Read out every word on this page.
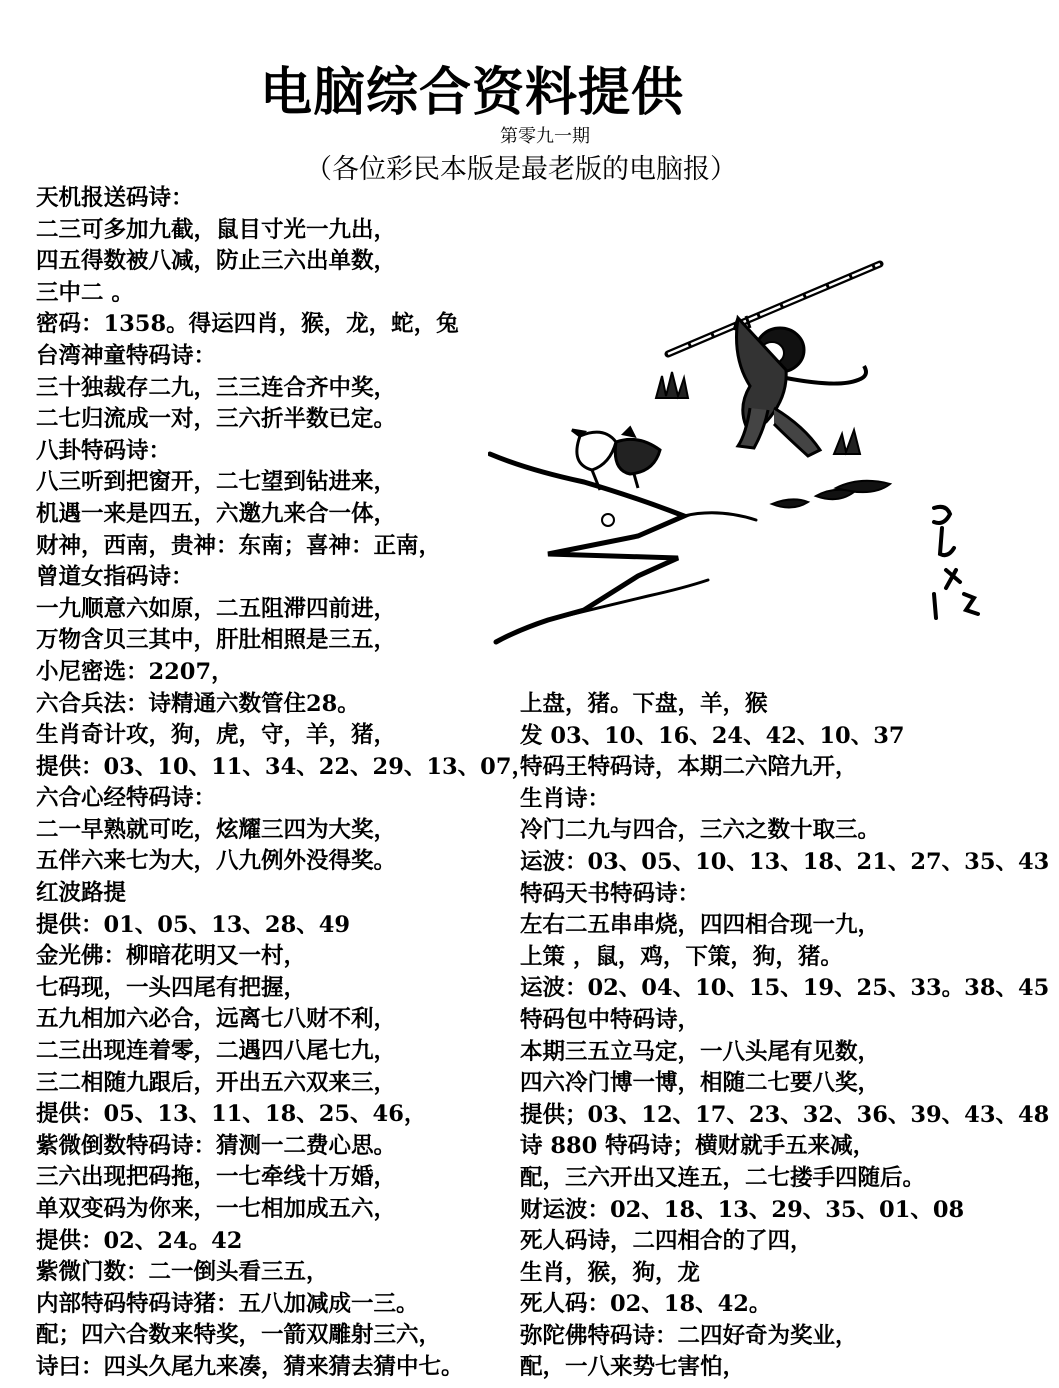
电脑综合资料提供
第零九一期
（各位彩民本版是最老版的电脑报）
天机报送码诗：
二三可多加九截，鼠目寸光一九出，
四五得数被八减，防止三六出单数，
三中二 。
密码：1358。得运四肖，猴，龙，蛇，兔
台湾神童特码诗：
三十独裁存二九，三三连合齐中奖，
二七归流成一对，三六折半数已定。
八卦特码诗：
八三听到把窗开，二七望到钻进来，
机遇一来是四五，六邀九来合一体，
财神，西南，贵神：东南；喜神：正南，
曾道女指码诗：
一九顺意六如原，二五阻滞四前进，
万物含贝三其中，肝肚相照是三五，
小尼密选：2207，
六合兵法：诗精通六数管住28。
生肖奇计攻，狗，虎，守，羊，猪，
提供：03、10、11、34、22、29、13、07，
六合心经特码诗：
二一早熟就可吃，炫耀三四为大奖，
五伴六来七为大，八九例外没得奖。
红波路提
提供：01、05、13、28、49
金光佛：柳暗花明又一村，
七码现，一头四尾有把握，
五九相加六必合，远离七八财不利，
二三出现连着零，二遇四八尾七九，
三二相随九跟后，开出五六双来三，
提供：05、13、11、18、25、46，
紫微倒数特码诗：猜测一二费心思。
三六出现把码拖，一七牵线十万婚，
单双变码为你来，一七相加成五六，
提供：02、24。42
紫微门数：二一倒头看三五，
内部特码特码诗猪：五八加减成一三。
配；四六合数来特奖，一箭双雕射三六，
诗曰：四头久尾九来凑，猜来猜去猜中七。
上盘，猪。下盘，羊，猴
发 03、10、16、24、42、10、37
特码王特码诗，本期二六陪九开，
生肖诗：
冷门二九与四合，三六之数十取三。
运波：03、05、10、13、18、21、27、35、43
特码天书特码诗：
左右二五串串烧，四四相合现一九，
上策 ，鼠，鸡，下策，狗，猪。
运波：02、04、10、15、19、25、33。38、45
特码包中特码诗，
本期三五立马定，一八头尾有见数，
四六冷门博一博，相随二七要八奖，
提供；03、12、17、23、32、36、39、43、48
诗 880 特码诗；横财就手五来减，
配，三六开出又连五，二七搂手四随后。
财运波：02、18、13、29、35、01、08
死人码诗，二四相合的了四，
生肖，猴，狗，龙
死人码：02、18、42。
弥陀佛特码诗：二四好奇为奖业，
配，一八来势七害怕，
